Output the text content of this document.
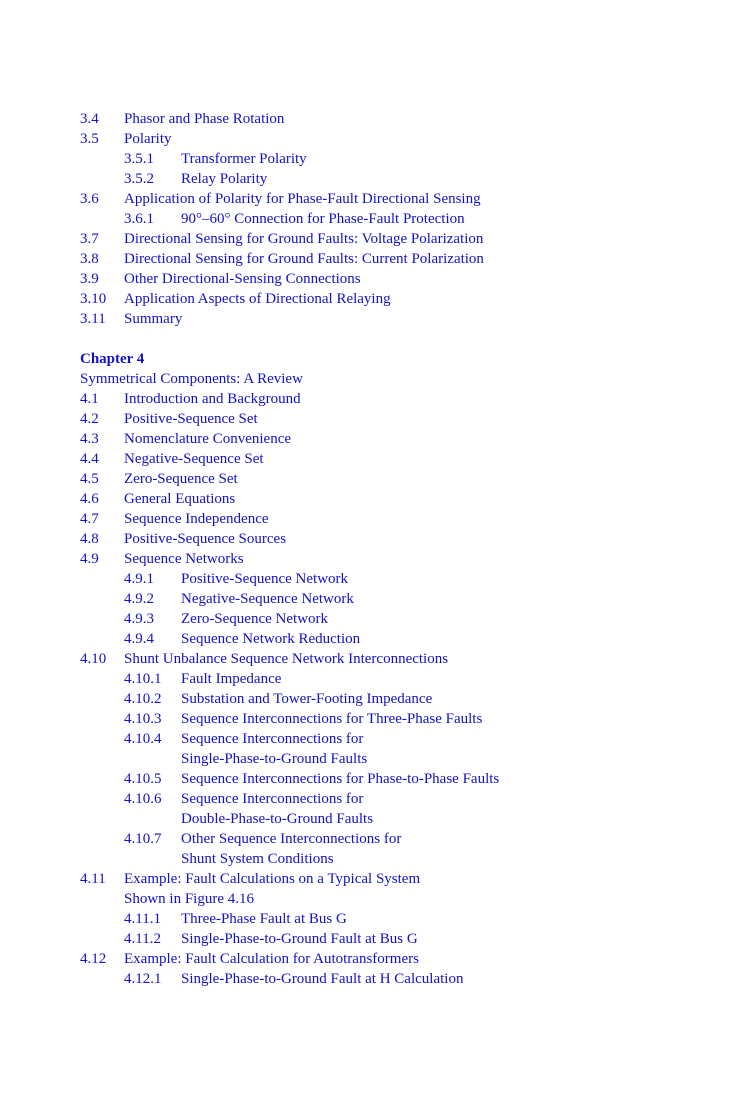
3.4	Phasor and Phase Rotation
3.5	Polarity
3.5.1	Transformer Polarity
3.5.2	Relay Polarity
3.6	Application of Polarity for Phase-Fault Directional Sensing
3.6.1	90°–60° Connection for Phase-Fault Protection
3.7	Directional Sensing for Ground Faults: Voltage Polarization
3.8	Directional Sensing for Ground Faults: Current Polarization
3.9	Other Directional-Sensing Connections
3.10	Application Aspects of Directional Relaying
3.11	Summary
Chapter 4
Symmetrical Components: A Review
4.1	Introduction and Background
4.2	Positive-Sequence Set
4.3	Nomenclature Convenience
4.4	Negative-Sequence Set
4.5	Zero-Sequence Set
4.6	General Equations
4.7	Sequence Independence
4.8	Positive-Sequence Sources
4.9	Sequence Networks
4.9.1	Positive-Sequence Network
4.9.2	Negative-Sequence Network
4.9.3	Zero-Sequence Network
4.9.4	Sequence Network Reduction
4.10	Shunt Unbalance Sequence Network Interconnections
4.10.1	Fault Impedance
4.10.2	Substation and Tower-Footing Impedance
4.10.3	Sequence Interconnections for Three-Phase Faults
4.10.4	Sequence Interconnections for
Single-Phase-to-Ground Faults
4.10.5	Sequence Interconnections for Phase-to-Phase Faults
4.10.6	Sequence Interconnections for
Double-Phase-to-Ground Faults
4.10.7	Other Sequence Interconnections for
Shunt System Conditions
4.11	Example: Fault Calculations on a Typical System
Shown in Figure 4.16
4.11.1	Three-Phase Fault at Bus G
4.11.2	Single-Phase-to-Ground Fault at Bus G
4.12	Example: Fault Calculation for Autotransformers
4.12.1	Single-Phase-to-Ground Fault at H Calculation
